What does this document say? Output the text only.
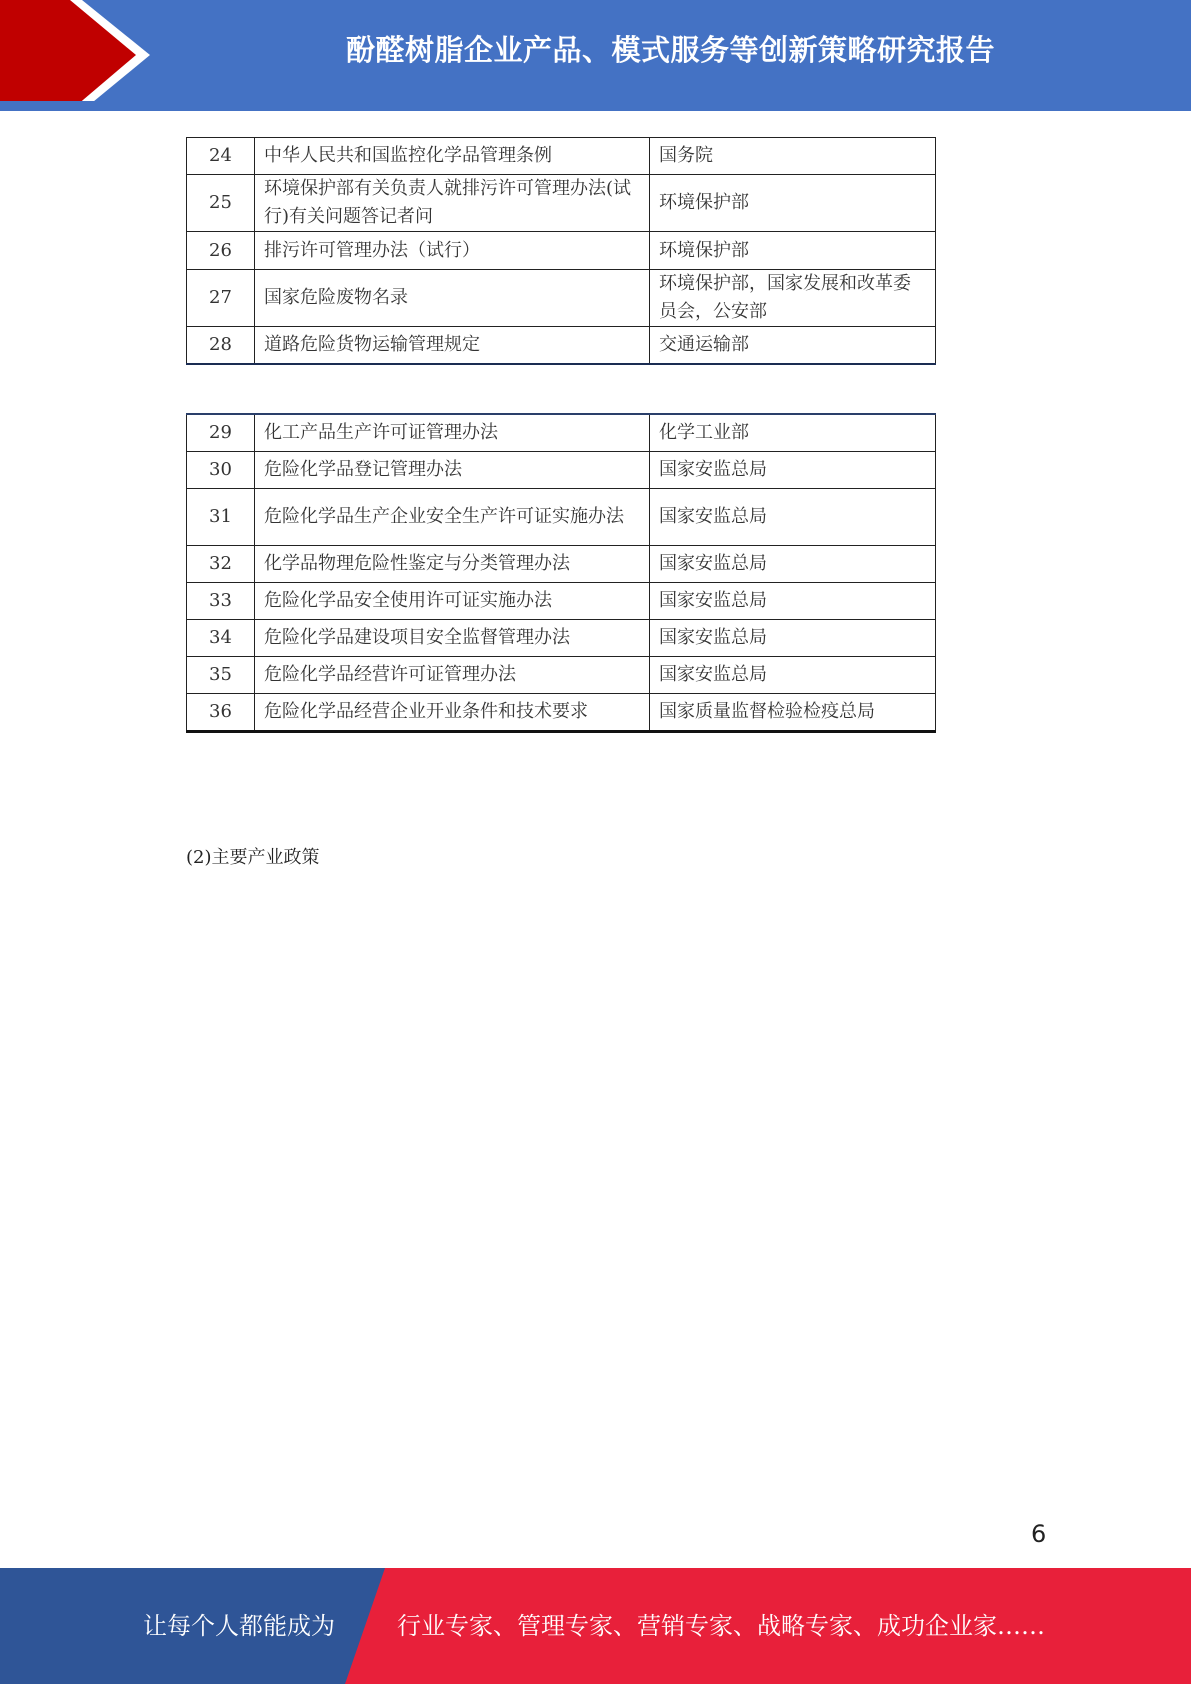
酚醛树脂企业产品、模式服务等创新策略研究报告
24	中华人民共和国监控化学品管理条例	国务院
25	环境保护部有关负责人就排污许可管理办法(试行)有关问题答记者问	环境保护部
26	排污许可管理办法（试行）	环境保护部
27	国家危险废物名录	环境保护部，国家发展和改革委员会，公安部
28	道路危险货物运输管理规定	交通运输部
29	化工产品生产许可证管理办法	化学工业部
30	危险化学品登记管理办法	国家安监总局
31	危险化学品生产企业安全生产许可证实施办法	国家安监总局
32	化学品物理危险性鉴定与分类管理办法	国家安监总局
33	危险化学品安全使用许可证实施办法	国家安监总局
34	危险化学品建设项目安全监督管理办法	国家安监总局
35	危险化学品经营许可证管理办法	国家安监总局
36	危险化学品经营企业开业条件和技术要求	国家质量监督检验检疫总局
(2)主要产业政策
6
让每个人都能成为	行业专家、管理专家、营销专家、战略专家、成功企业家……
